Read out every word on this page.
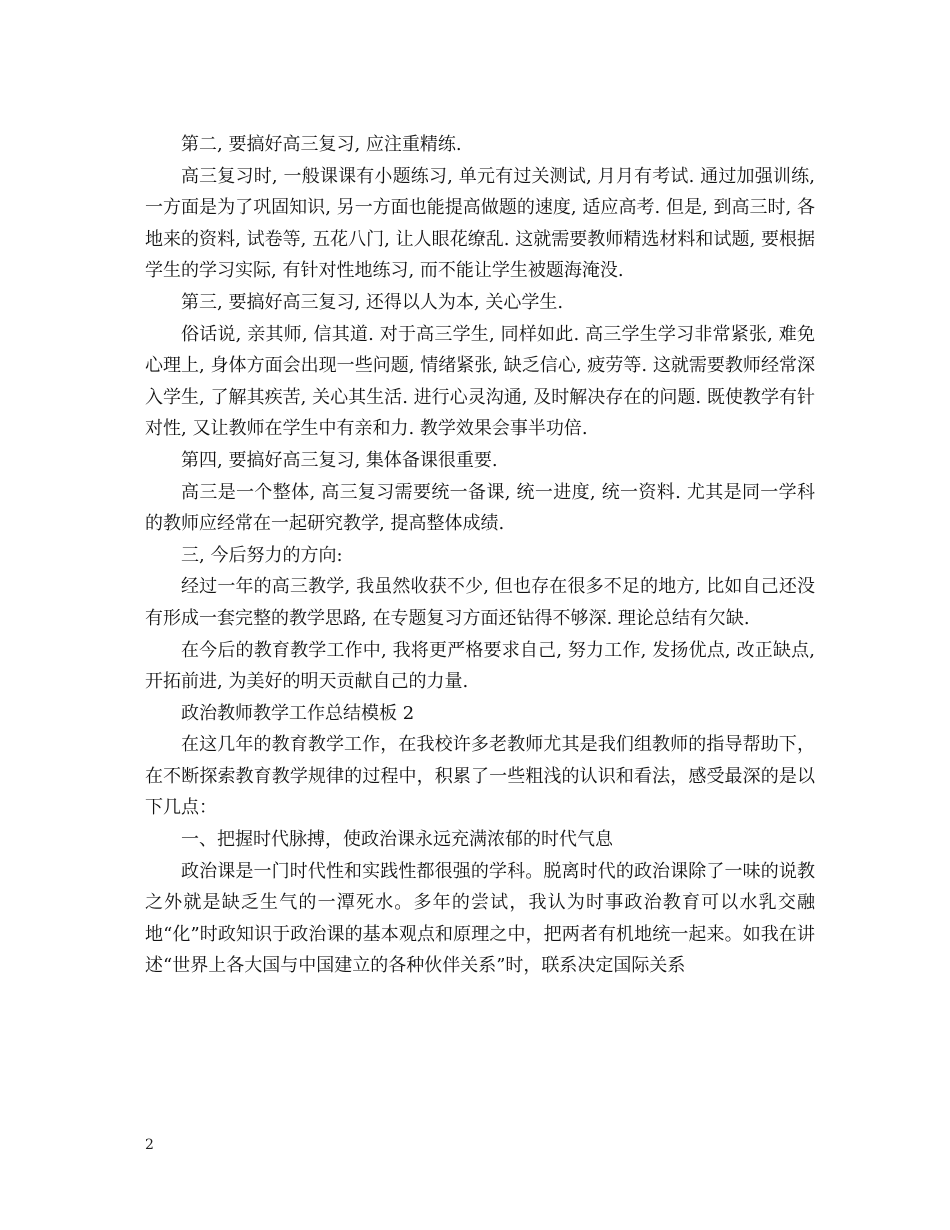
第二, 要搞好高三复习, 应注重精练.

高三复习时, 一般课课有小题练习, 单元有过关测试, 月月有考试. 通过加强训练, 一方面是为了巩固知识, 另一方面也能提高做题的速度, 适应高考. 但是, 到高三时, 各地来的资料, 试卷等, 五花八门, 让人眼花缭乱. 这就需要教师精选材料和试题, 要根据学生的学习实际, 有针对性地练习, 而不能让学生被题海淹没.

第三, 要搞好高三复习, 还得以人为本, 关心学生.

俗话说, 亲其师, 信其道. 对于高三学生, 同样如此. 高三学生学习非常紧张, 难免心理上, 身体方面会出现一些问题, 情绪紧张, 缺乏信心, 疲劳等. 这就需要教师经常深入学生, 了解其疾苦, 关心其生活. 进行心灵沟通, 及时解决存在的问题. 既使教学有针对性, 又让教师在学生中有亲和力. 教学效果会事半功倍.

第四, 要搞好高三复习, 集体备课很重要.

高三是一个整体, 高三复习需要统一备课, 统一进度, 统一资料. 尤其是同一学科的教师应经常在一起研究教学, 提高整体成绩.

三, 今后努力的方向:

经过一年的高三教学, 我虽然收获不少, 但也存在很多不足的地方, 比如自己还没有形成一套完整的教学思路, 在专题复习方面还钻得不够深. 理论总结有欠缺.

在今后的教育教学工作中, 我将更严格要求自己, 努力工作, 发扬优点, 改正缺点, 开拓前进, 为美好的明天贡献自己的力量.

政治教师教学工作总结模板 2

在这几年的教育教学工作，在我校许多老教师尤其是我们组教师的指导帮助下，在不断探索教育教学规律的过程中，积累了一些粗浅的认识和看法，感受最深的是以下几点：

一、把握时代脉搏，使政治课永远充满浓郁的时代气息

政治课是一门时代性和实践性都很强的学科。脱离时代的政治课除了一味的说教之外就是缺乏生气的一潭死水。多年的尝试，我认为时事政治教育可以水乳交融地“化”时政知识于政治课的基本观点和原理之中，把两者有机地统一起来。如我在讲述“世界上各大国与中国建立的各种伙伴关系”时，联系决定国际关系

2
